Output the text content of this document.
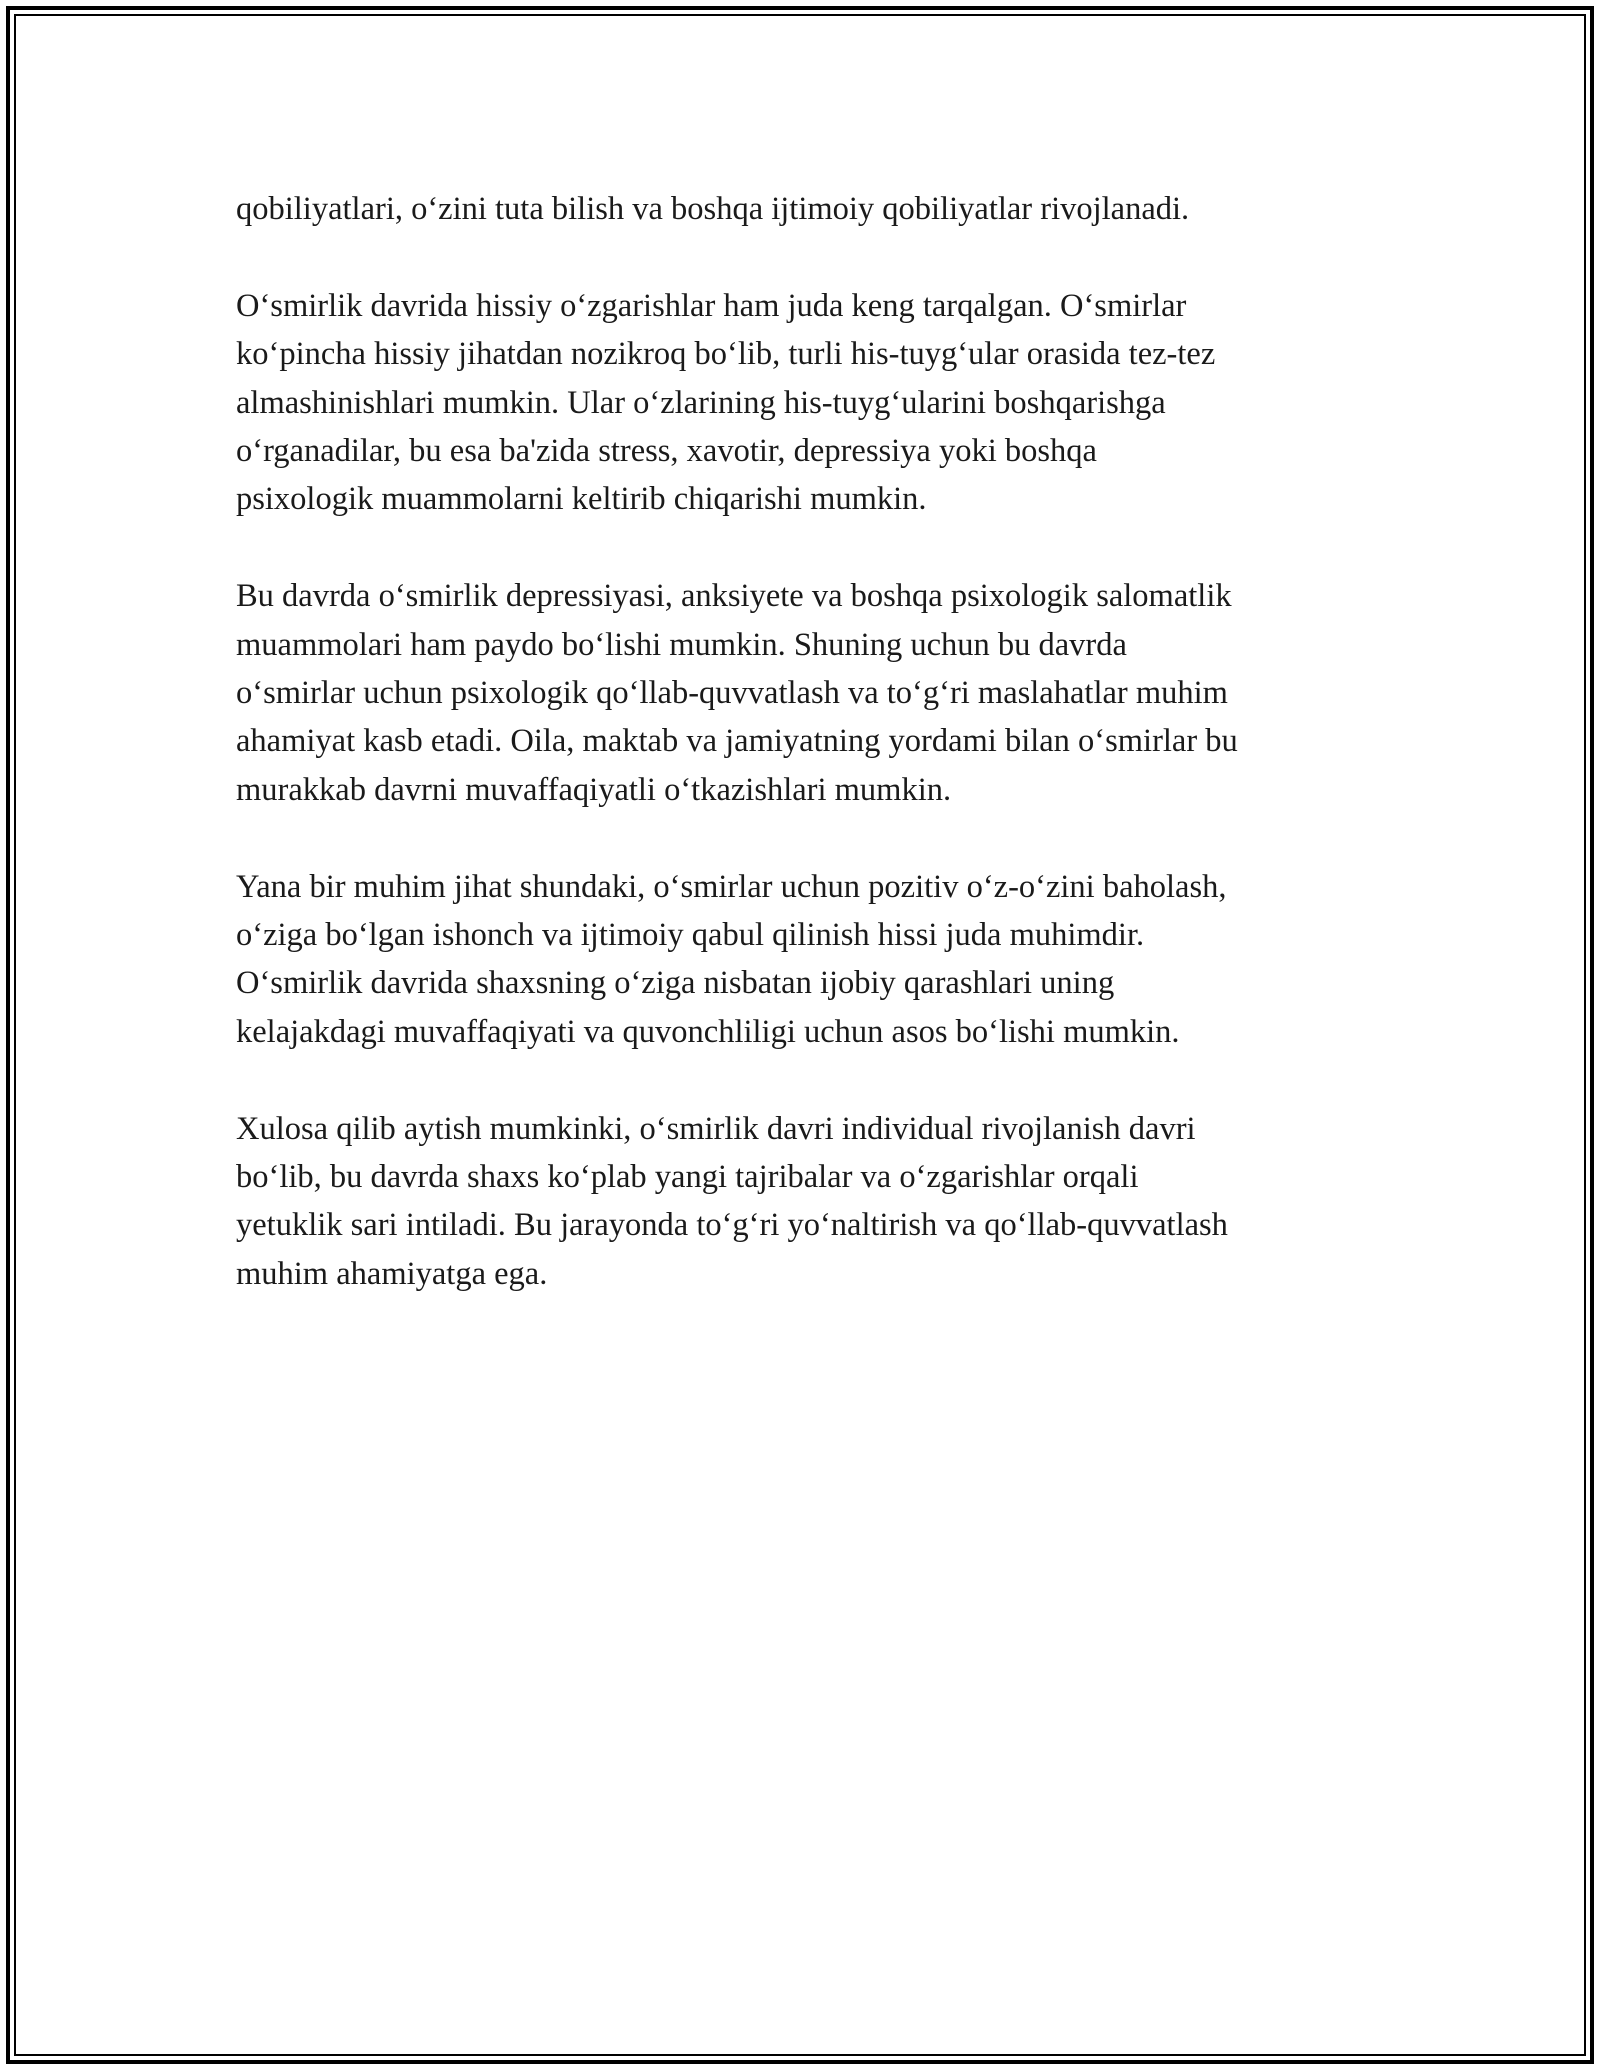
qobiliyatlari, o‘zini tuta bilish va boshqa ijtimoiy qobiliyatlar rivojlanadi.

O‘smirlik davrida hissiy o‘zgarishlar ham juda keng tarqalgan. O‘smirlar
ko‘pincha hissiy jihatdan nozikroq bo‘lib, turli his-tuyg‘ular orasida tez-tez
almashinishlari mumkin. Ular o‘zlarining his-tuyg‘ularini boshqarishga
o‘rganadilar, bu esa ba'zida stress, xavotir, depressiya yoki boshqa
psixologik muammolarni keltirib chiqarishi mumkin.

Bu davrda o‘smirlik depressiyasi, anksiyete va boshqa psixologik salomatlik
muammolari ham paydo bo‘lishi mumkin. Shuning uchun bu davrda
o‘smirlar uchun psixologik qo‘llab-quvvatlash va to‘g‘ri maslahatlar muhim
ahamiyat kasb etadi. Oila, maktab va jamiyatning yordami bilan o‘smirlar bu
murakkab davrni muvaffaqiyatli o‘tkazishlari mumkin.

Yana bir muhim jihat shundaki, o‘smirlar uchun pozitiv o‘z-o‘zini baholash,
o‘ziga bo‘lgan ishonch va ijtimoiy qabul qilinish hissi juda muhimdir.
O‘smirlik davrida shaxsning o‘ziga nisbatan ijobiy qarashlari uning
kelajakdagi muvaffaqiyati va quvonchliligi uchun asos bo‘lishi mumkin.

Xulosa qilib aytish mumkinki, o‘smirlik davri individual rivojlanish davri
bo‘lib, bu davrda shaxs ko‘plab yangi tajribalar va o‘zgarishlar orqali
yetuklik sari intiladi. Bu jarayonda to‘g‘ri yo‘naltirish va qo‘llab-quvvatlash
muhim ahamiyatga ega.
